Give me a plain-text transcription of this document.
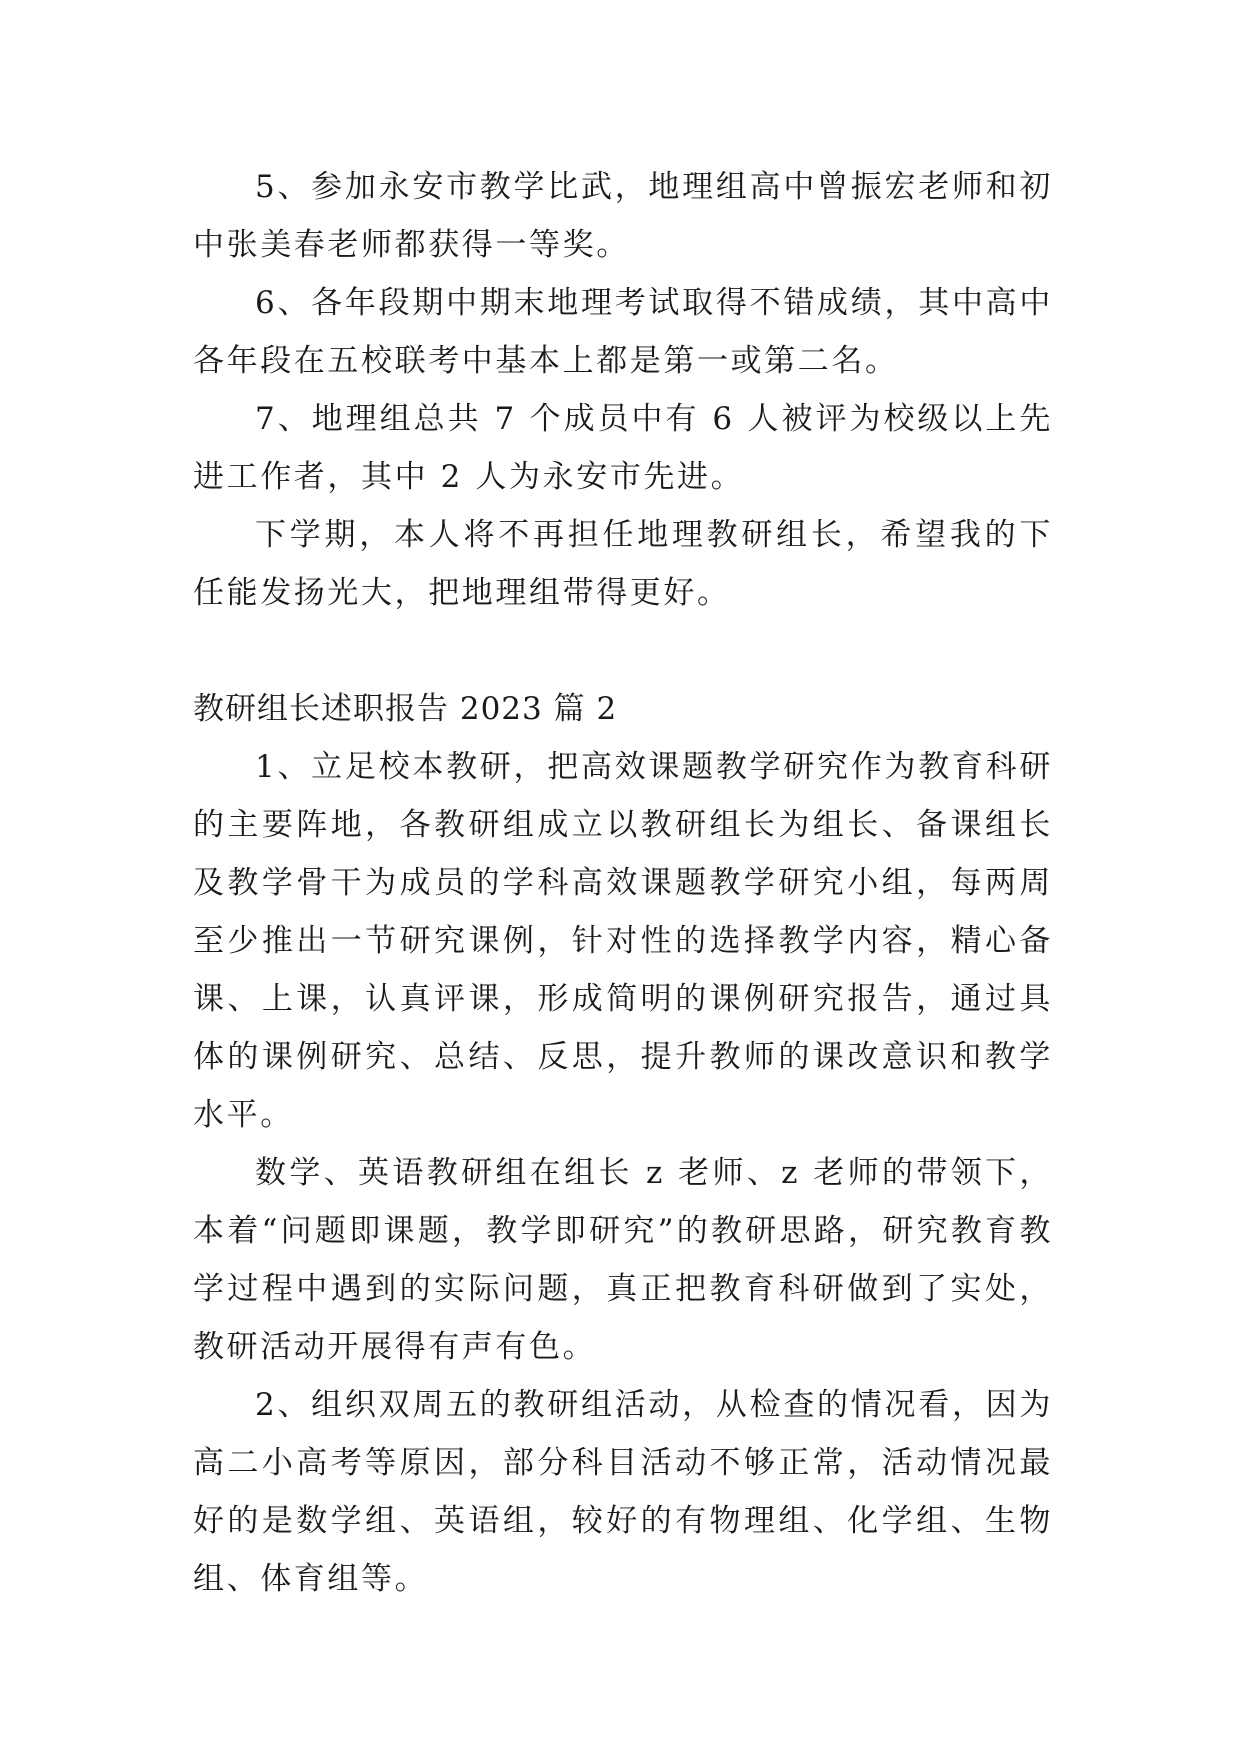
5、参加永安市教学比武，地理组高中曾振宏老师和初中张美春老师都获得一等奖。

6、各年段期中期末地理考试取得不错成绩，其中高中各年段在五校联考中基本上都是第一或第二名。

7、地理组总共 7 个成员中有 6 人被评为校级以上先进工作者，其中 2 人为永安市先进。

下学期，本人将不再担任地理教研组长，希望我的下任能发扬光大，把地理组带得更好。

教研组长述职报告 2023 篇 2

1、立足校本教研，把高效课题教学研究作为教育科研的主要阵地，各教研组成立以教研组长为组长、备课组长及教学骨干为成员的学科高效课题教学研究小组，每两周至少推出一节研究课例，针对性的选择教学内容，精心备课、上课，认真评课，形成简明的课例研究报告，通过具体的课例研究、总结、反思，提升教师的课改意识和教学水平。

数学、英语教研组在组长 z 老师、z 老师的带领下，本着“问题即课题，教学即研究”的教研思路，研究教育教学过程中遇到的实际问题，真正把教育科研做到了实处，教研活动开展得有声有色。

2、组织双周五的教研组活动，从检查的情况看，因为高二小高考等原因，部分科目活动不够正常，活动情况最好的是数学组、英语组，较好的有物理组、化学组、生物组、体育组等。
